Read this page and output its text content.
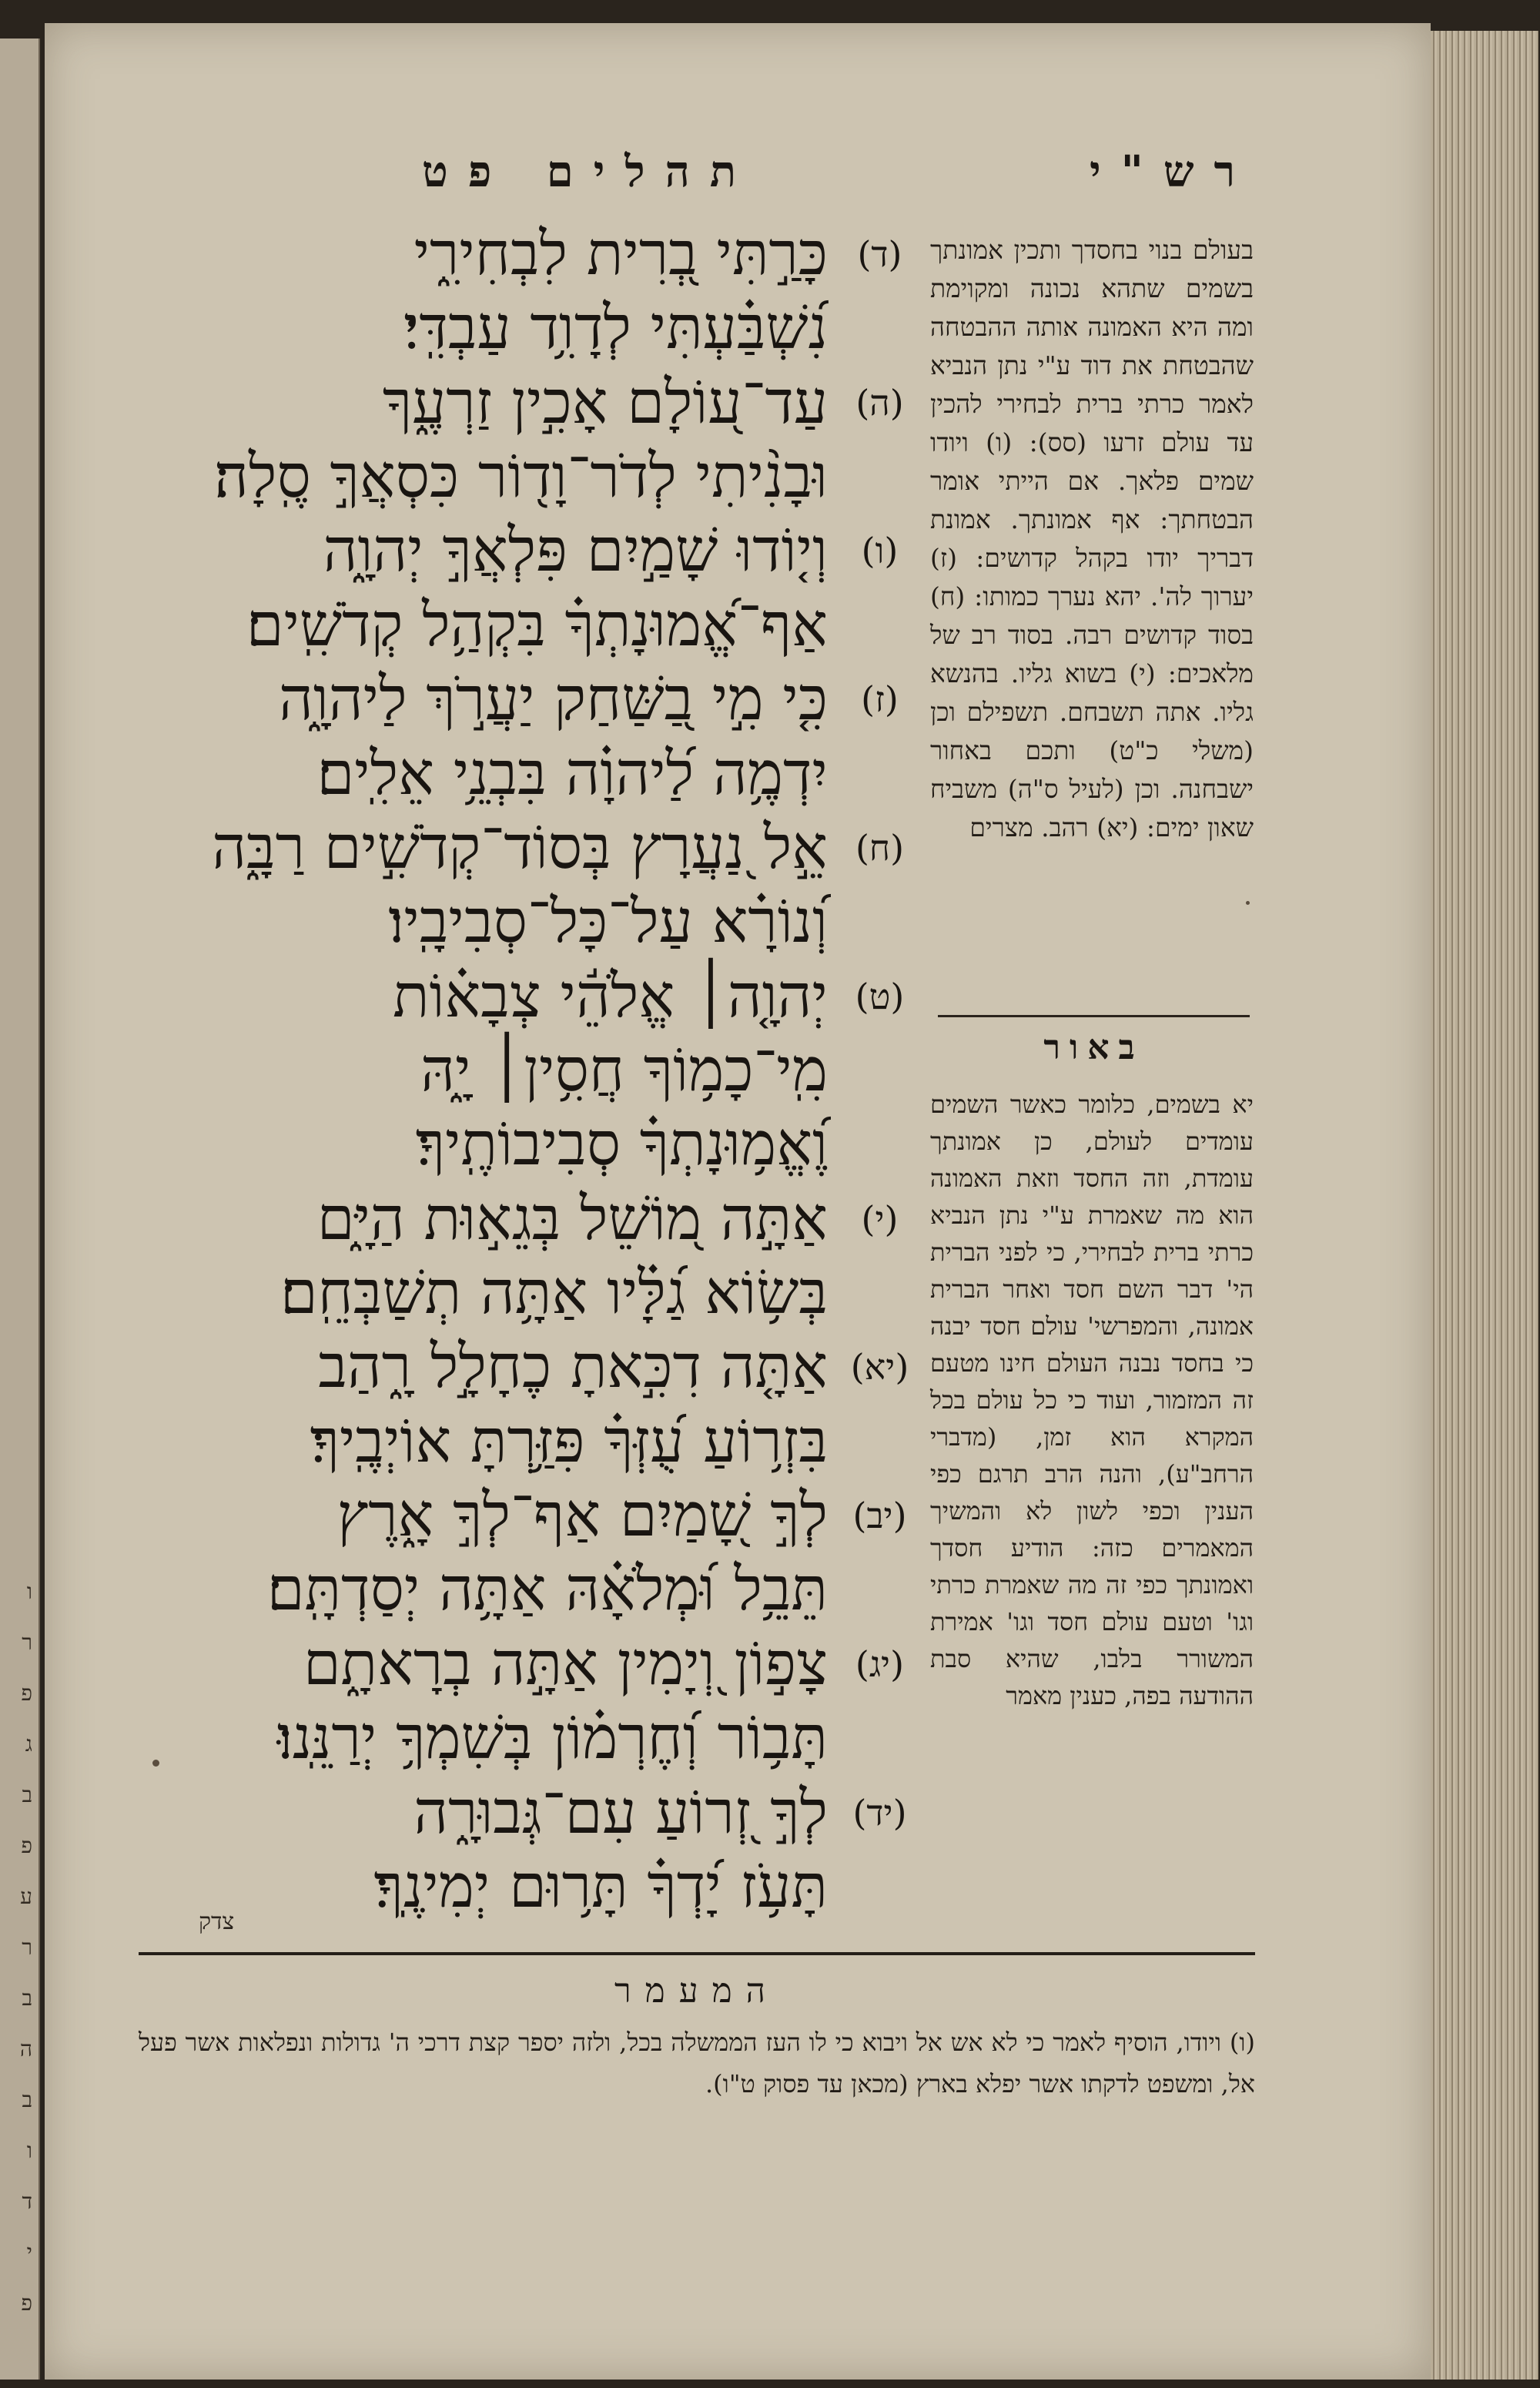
ו
ר
פ
ג
ב
פ
ע
ר
ב
ה
ב
ו
ד
י
פ
תהלים פט	רש"י
(ד)
כָּרַ֣תִּי בְ֭רִית לִבְחִירִ֑י
נִ֝שְׁבַּ֗עְתִּי לְדָוִ֥ד עַבְדִּֽי׃
(ה)
עַד־ע֭וֹלָם אָכִ֣ין זַרְעֶ֑ךָ
וּבָנִ֨יתִי לְדֹר־וָד֖וֹר כִּסְאֲךָ֣ סֶֽלָה׃
(ו)
וְי֤וֹדוּ שָׁמַ֣יִם פִּלְאֲךָ֣ יְהוָ֑ה
אַף־אֱ֝מוּנָתְךָ֗ בִּקְהַ֥ל קְדֹשִֽׁים׃
(ז)
כִּ֤י מִ֣י בַ֭שַּׁחַק יַעֲרֹ֣ךְ לַיהוָ֑ה
יִדְמֶ֥ה לַ֝יהוָ֗ה בִּבְנֵ֥י אֵלִֽים׃
(ח)
אֵ֣ל נַ֭עֲרָץ בְּסוֹד־קְדֹשִׁ֣ים רַבָּ֑ה
וְ֝נוֹרָ֗א עַל־כָּל־סְבִיבָֽיו׃
(ט)
יְהוָ֤ה׀ אֱלֹהֵ֬י צְבָא֗וֹת
מִֽי־כָמ֥וֹךָ חֲסִ֥ין׀ יָ֑הּ
וֶ֝אֱמ֥וּנָתְךָ֗ סְבִיבוֹתֶֽיךָ׃
(י)
אַתָּ֣ה מ֭וֹשֵׁל בְּגֵא֣וּת הַיָּ֑ם
בְּשׂ֥וֹא גַ֝לָּ֗יו אַתָּ֥ה תְשַׁבְּחֵֽם׃
(יא)
אַתָּ֤ה דִכִּ֣אתָ כֶחָלָ֣ל רָ֑הַב
בִּזְר֥וֹעַ עֻ֝זְּךָ֗ פִּזַּ֥רְתָּ אוֹיְבֶֽיךָ׃
(יב)
לְךָ֣ שָׁ֭מַיִם אַף־לְךָ֣ אָ֑רֶץ
תֵּבֵ֥ל וּ֝מְלֹאָ֗הּ אַתָּ֥ה יְסַדְתָּֽם׃
(יג)
צָפ֣וֹן וְ֭יָמִין אַתָּ֣ה בְרָאתָ֑ם
תָּב֥וֹר וְ֝חֶרְמ֗וֹן בְּשִׁמְךָ֥ יְרַנֵּֽנוּ׃
(יד)
לְךָ֣ זְ֭רוֹעַ עִם־גְּבוּרָ֑ה
תָּעֹ֥ז יָ֝דְךָ֗ תָּר֥וּם יְמִינֶֽךָ׃
בעולם בנוי בחסדך ותכין אמונתך בשמים שתהא נכונה ומקוימת ומה היא האמונה אותה ההבטחה שהבטחת את דוד ע"י נתן הנביא לאמר כרתי ברית לבחירי להכין עד עולם זרעו (סס): (ו) ויודו שמים פלאך. אם הייתי אומר הבטחתך: אף אמונתך. אמונת דבריך יודו בקהל קדושים: (ז) יערוך לה'. יהא נערך כמותו: (ח) בסוד קדושים רבה. בסוד רב של מלאכים: (י) בשוא גליו. בהנשא גליו. אתה תשבחם. תשפילם וכן (משלי כ"ט) ותכם באחור ישבחנה. וכן (לעיל ס"ה) משביח שאון ימים: (יא) רהב. מצרים
באור
יא בשמים, כלומר כאשר השמים עומדים לעולם, כן אמונתך עומדת, וזה החסד וזאת האמונה הוא מה שאמרת ע"י נתן הנביא כרתי ברית לבחירי, כי לפני הברית הי' דבר השם חסד ואחר הברית אמונה, והמפרשי' עולם חסד יבנה כי בחסד נבנה העולם חינו מטעם זה המזמור, ועוד כי כל עולם בכל המקרא הוא זמן, (מדברי הרחב"ע), והנה הרב תרגם כפי הענין וכפי לשון לא והמשיך המאמרים כזה: הודיע חסדך ואמונתך כפי זה מה שאמרת כרתי וגו' וטעם עולם חסד וגו' אמירת המשורר בלבו, שהיא סבת ההודעה בפה, כענין מאמר
צדק
המעמר
(ו) ויודו, הוסיף לאמר כי לא אש אל ויבוא כי לו העז הממשלה בכל, ולזה יספר קצת דרכי ה' גדולות ונפלאות אשר פעל אל, ומשפט לדקתו אשר יפלא בארץ (מכאן עד פסוק ט"ו).
